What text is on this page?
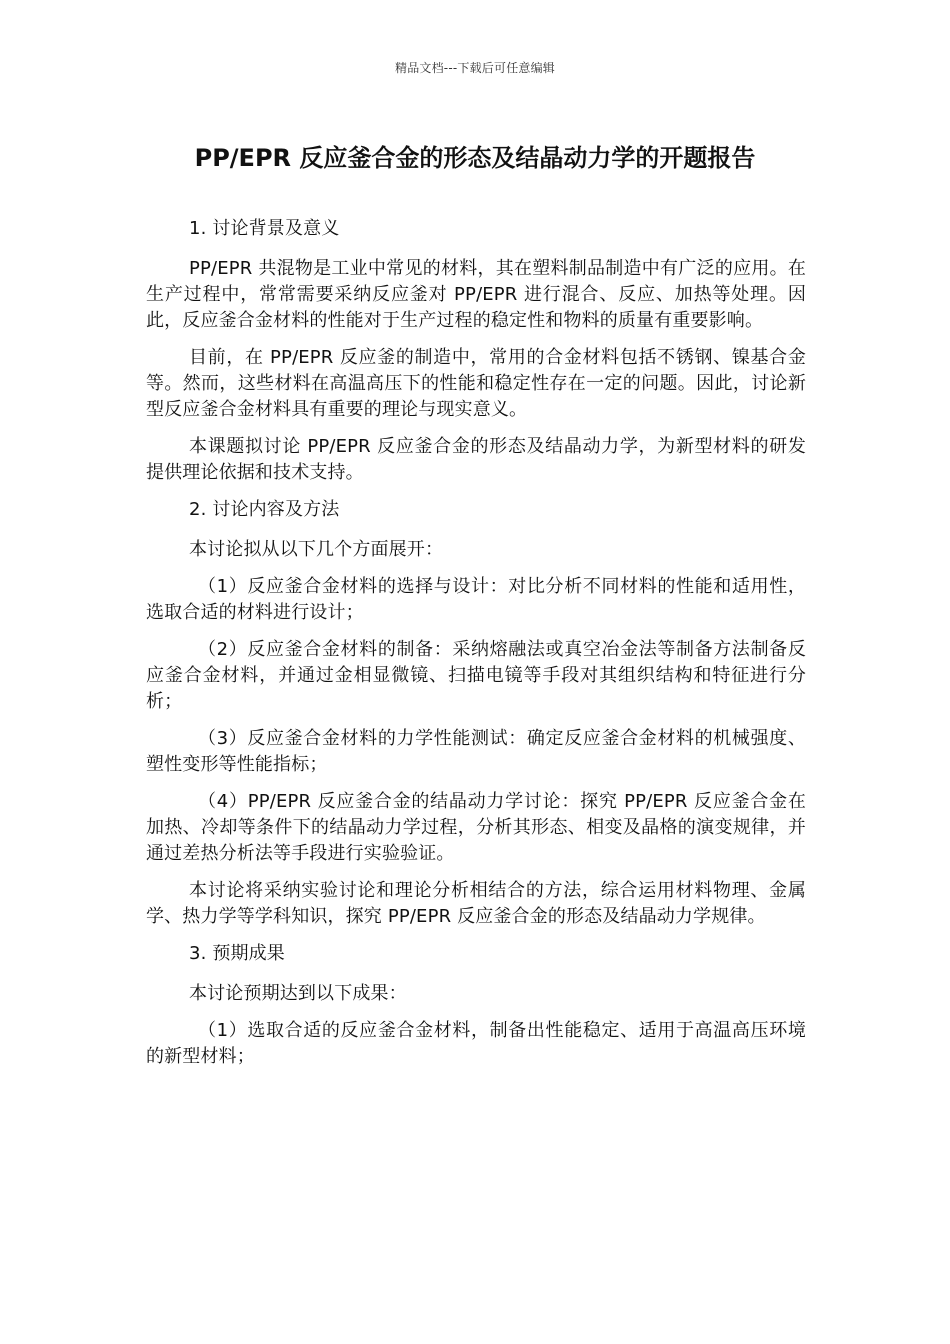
精品文档---下载后可任意编辑
PP/EPR 反应釜合金的形态及结晶动力学的开题报告

1. 讨论背景及意义

PP/EPR 共混物是工业中常见的材料，其在塑料制品制造中有广泛的应用。在生产过程中，常常需要采纳反应釜对 PP/EPR 进行混合、反应、加热等处理。因此，反应釜合金材料的性能对于生产过程的稳定性和物料的质量有重要影响。

目前，在 PP/EPR 反应釜的制造中，常用的合金材料包括不锈钢、镍基合金等。然而，这些材料在高温高压下的性能和稳定性存在一定的问题。因此，讨论新型反应釜合金材料具有重要的理论与现实意义。

本课题拟讨论 PP/EPR 反应釜合金的形态及结晶动力学，为新型材料的研发提供理论依据和技术支持。

2. 讨论内容及方法

本讨论拟从以下几个方面展开：

（1）反应釜合金材料的选择与设计：对比分析不同材料的性能和适用性，选取合适的材料进行设计；

（2）反应釜合金材料的制备：采纳熔融法或真空冶金法等制备方法制备反应釜合金材料，并通过金相显微镜、扫描电镜等手段对其组织结构和特征进行分析；

（3）反应釜合金材料的力学性能测试：确定反应釜合金材料的机械强度、塑性变形等性能指标；

（4）PP/EPR 反应釜合金的结晶动力学讨论：探究 PP/EPR 反应釜合金在加热、冷却等条件下的结晶动力学过程，分析其形态、相变及晶格的演变规律，并通过差热分析法等手段进行实验验证。

本讨论将采纳实验讨论和理论分析相结合的方法，综合运用材料物理、金属学、热力学等学科知识，探究 PP/EPR 反应釜合金的形态及结晶动力学规律。

3. 预期成果

本讨论预期达到以下成果：

（1）选取合适的反应釜合金材料，制备出性能稳定、适用于高温高压环境的新型材料；
